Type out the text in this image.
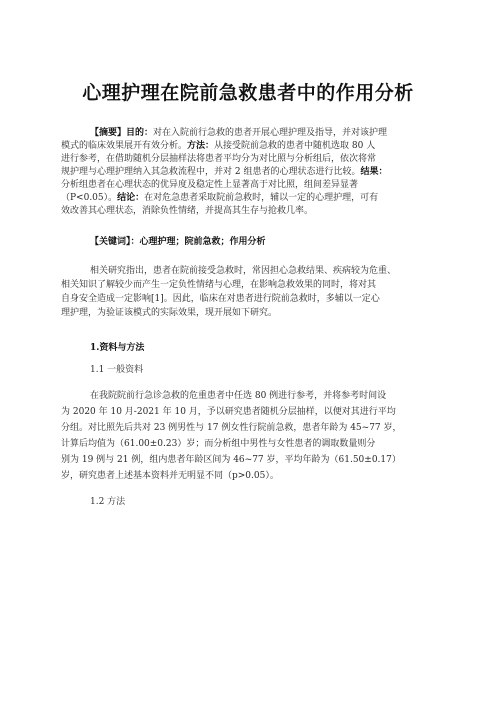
心理护理在院前急救患者中的作用分析
【摘要】目的：对在入院前行急救的患者开展心理护理及指导，并对该护理
模式的临床效果展开有效分析。方法：从接受院前急救的患者中随机选取 80 人
进行参考，在借助随机分层抽样法将患者平均分为对比照与分析组后，依次将常
规护理与心理护理纳入其急救流程中，并对 2 组患者的心理状态进行比较。结果：
分析组患者在心理状态的优异度及稳定性上显著高于对比照，组间差异显著
（P<0.05）。结论：在对危急患者采取院前急救时，辅以一定的心理护理，可有
效改善其心理状态，消除负性情绪，并提高其生存与抢救几率。
【关键词】：心理护理；院前急救；作用分析
相关研究指出，患者在院前接受急救时，常因担心急救结果、疾病较为危重、
相关知识了解较少而产生一定负性情绪与心理，在影响急救效果的同时，将对其
自身安全造成一定影响[1]。因此，临床在对患者进行院前急救时，多辅以一定心
理护理，为验证该模式的实际效果，现开展如下研究。
1.资料与方法
1.1 一般资料
在我院院前行急诊急救的危重患者中任选 80 例进行参考，并将参考时间设
为 2020 年 10 月-2021 年 10 月，予以研究患者随机分层抽样，以便对其进行平均
分组。对比照先后共对 23 例男性与 17 例女性行院前急救，患者年龄为 45~77 岁，
计算后均值为（61.00±0.23）岁；而分析组中男性与女性患者的调取数量则分
别为 19 例与 21 例，组内患者年龄区间为 46~77 岁，平均年龄为（61.50±0.17）
岁，研究患者上述基本资料并无明显不同（p>0.05）。
1.2 方法
